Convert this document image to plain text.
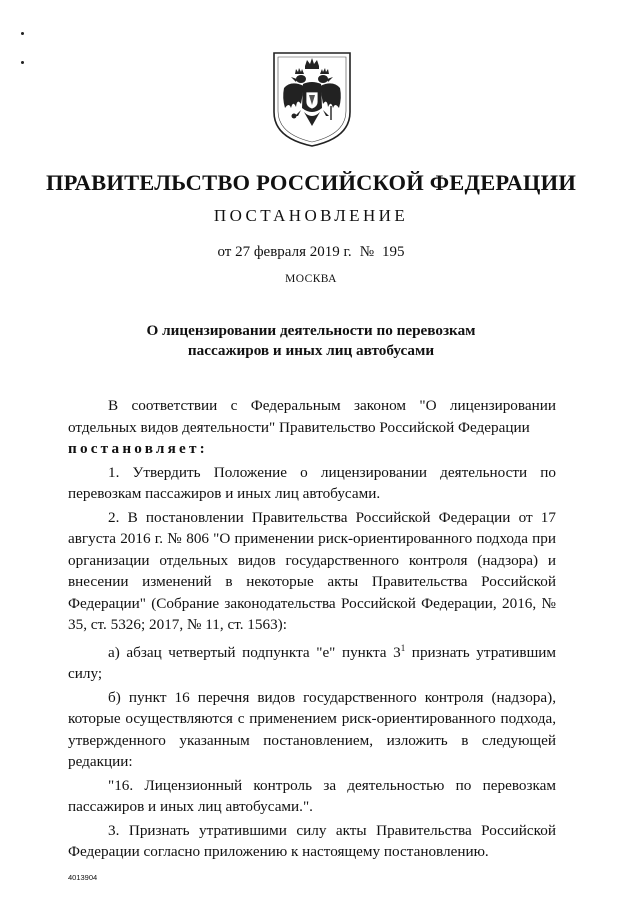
ПРАВИТЕЛЬСТВО РОССИЙСКОЙ ФЕДЕРАЦИИ
ПОСТАНОВЛЕНИЕ
от 27 февраля 2019 г. № 195
МОСКВА
О лицензировании деятельности по перевозкам
пассажиров и иных лиц автобусами

В соответствии с Федеральным законом "О лицензировании отдельных видов деятельности" Правительство Российской Федерации
постановляет:

1. Утвердить Положение о лицензировании деятельности по перевозкам пассажиров и иных лиц автобусами.

2. В постановлении Правительства Российской Федерации от 17 августа 2016 г. № 806 "О применении риск-ориентированного подхода при организации отдельных видов государственного контроля (надзора) и внесении изменений в некоторые акты Правительства Российской Федерации" (Собрание законодательства Российской Федерации, 2016, № 35, ст. 5326; 2017, № 11, ст. 1563):

а) абзац четвертый подпункта "е" пункта $3^1$ признать утратившим силу;

б) пункт 16 перечня видов государственного контроля (надзора), которые осуществляются с применением риск-ориентированного подхода, утвержденного указанным постановлением, изложить в следующей редакции:

"16. Лицензионный контроль за деятельностью по перевозкам пассажиров и иных лиц автобусами.".

3. Признать утратившими силу акты Правительства Российской Федерации согласно приложению к настоящему постановлению.

4013904
